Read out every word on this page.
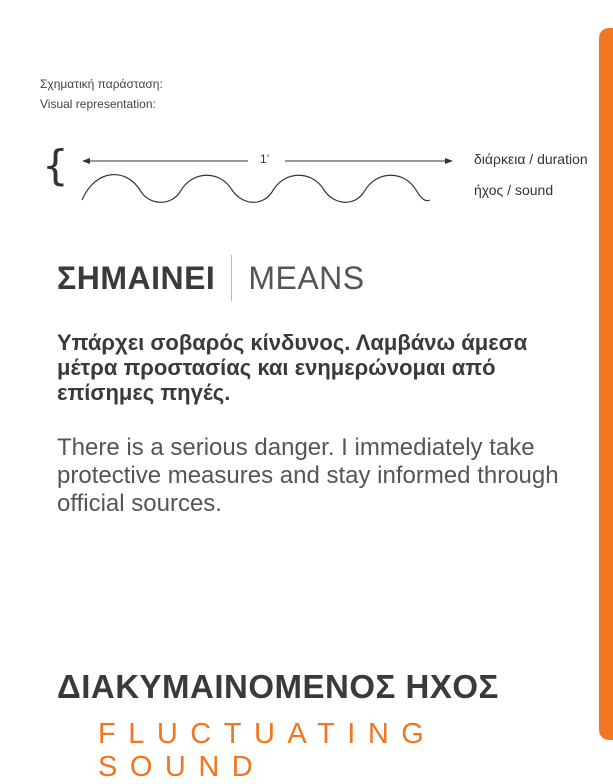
Σχηματική παράσταση:
Visual representation:
{	1’	διάρκεια / duration
ήχος / sound
ΣΗΜΑΙΝΕΙ MEANS
Υπάρχει σοβαρός κίνδυνος. Λαμβάνω άμεσα μέτρα προστασίας και ενημερώνομαι από επίσημες πηγές.
There is a serious danger. I immediately take protective measures and stay informed through official sources.
ΔΙΑΚΥΜΑΙΝΟΜΕΝΟΣ ΗΧΟΣ
FLUCTUATING SOUND
